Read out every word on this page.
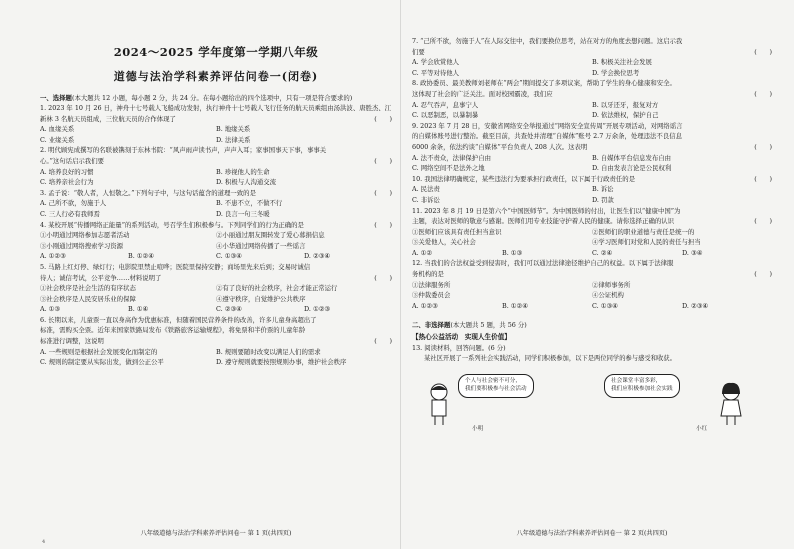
2024～2025 学年度第一学期八年级
道德与法治学科素养评估问卷一(闭卷)
一、选择题(本大题共 12 小题，每小题 2 分，共 24 分。在每小题给出的四个选项中，只有一项是符合要求的)
1. 2023 年 10 月 26 日，神舟十七号载人飞船成功发射，执行神舟十七号载人飞行任务的航天员乘组由汤洪波、唐胜杰、江新林 3 名航天员组成，三位航天员的合作体现了	(　　)
A. 血缘关系	B. 地缘关系
C. 业缘关系	D. 法律关系
2. 明代顾宪成撰写的名联被镌刻于东林书院：“风声雨声读书声，声声入耳；家事国事天下事，事事关
心。”这句话启示我们要	(　　)
A. 培养良好的习惯	B. 珍视他人的生命
C. 培养亲社会行为	D. 积极与人沟通交流
3. 孟子说：“敬人者，人恒敬之。”下列句子中，与这句话蕴含的道理一致的是	(　　)
A. 己所不欲，勿施于人	B. 不患不立，不做不行
C. 三人行必有我师焉	D. 良言一句三冬暖
4. 某校开展“传播网络正能量”的系列活动，号召学生们积极参与。下列同学们的行为正确的是	(　　)
①小明通过网络参加志愿者活动	②小丽通过朋友圈转发了爱心募捐信息
③小刚通过网络搜索学习资源	④小华通过网络传播了一些谣言
A. ①②③	B. ①②④	C. ①③④	D. ②③④
5. 马路上红灯停、绿灯行；电影院里禁止喧哗；医院里保持安静；商场里先来后到；交易时诚信
待人；诚信考试，公平竞争……材料说明了	(　　)
①社会秩序是社会生活的有序状态	②有了良好的社会秩序，社会才能正常运行
③社会秩序是人民安居乐业的保障	④遵守秩序，自觉维护公共秩序
A. ①③	B. ①④	C. ②③④	D. ①②③
6. 长期以来，儿童票一直以身高作为优惠标准，但随着国民营养条件的改善，许多儿童身高超出了
标准，需购买全票。近年来国家铁路局发布《铁路旅客运输规程》，将免票和半价票的儿童年龄
标准进行调整，这说明	(　　)
A. 一些规则是根据社会发展变化而制定的	B. 规则要随时改变以满足人们的需求
C. 规则的制定要从实际出发，做到公正公平	D. 遵守规则就要按照规则办事，维护社会秩序
八年级道德与法治学科素养评估问卷一 第 1 页(共四页)
4
7. “己所不欲，勿施于人”在人际交往中，我们要换位思考，站在对方的角度去想问题。这启示我
们要	(　　)
A. 学会欣赏他人	B. 积极关注社会发展
C. 平等对待他人	D. 学会换位思考
8. 政协委员、最美教师刘老师在“两会”期间提交了多项议案，帮助了学生的身心健康和安全。
这体现了社会的广泛关注。面对校园霸凌，我们应	(　　)
A. 忍气吞声，息事宁人	B. 以牙还牙，报复对方
C. 以恶制恶，以暴制暴	D. 依法维权，保护自己
9. 2023 年 7 月 28 日，安徽省网络安全举报通过“网络安全宣传周”开展专项活动，对网络谣言
的自媒体账号进行整治。截至目前，共查处并清理“自媒体”账号 2.7 万余条，处理违法不良信息
6000 余条，依法约谈“自媒体”平台负责人 208 人次。这表明	(　　)
A. 法不责众，法律保护自由	B. 自媒体平台信息发布自由
C. 网络空间不是法外之地	D. 自由发表言论是公民权利
10. 我国法律明确规定，某些违法行为要承担行政责任，以下属于行政责任的是	(　　)
A. 民法责	B. 诉讼
C. 非诉讼	D. 罚款
11. 2023 年 8 月 19 日是第六个“中国医师节”。为中国医师的付出，让医生们以“健康中国”为
主题，表达对医师的敬意与感谢。医师们用专业技能守护着人民的健康。请你选择正确的认识	(　　)
①医师们应该具有责任担当意识	②医师们的职业道德与责任是统一的
③关爱他人，关心社会	④学习医师们对党和人民的责任与担当
A. ①②	B. ①③	C. ②④	D. ③④
12. 当我们的合法权益受到侵害时，我们可以通过法律途径维护自己的权益。以下属于法律服
务机构的是	(　　)
①法律服务所	②律师事务所
③仲裁委员会	④公证机构
A. ①②③	B. ①②④	C. ①③④	D. ②③④
二、非选择题(本大题共 5 题，共 56 分)
【热心公益活动　实现人生价值】
13. 阅读材料，回答问题。(6 分)
某社区开展了一系列社会实践活动，同学们积极参加，以下是两位同学的参与感受和收获。
小明
个人与社会密不可分，
我们要积极参与社会活动
社会课堂丰富多彩，
我们应积极参加社会实践
小红
八年级道德与法治学科素养评估问卷一 第 2 页(共四页)
